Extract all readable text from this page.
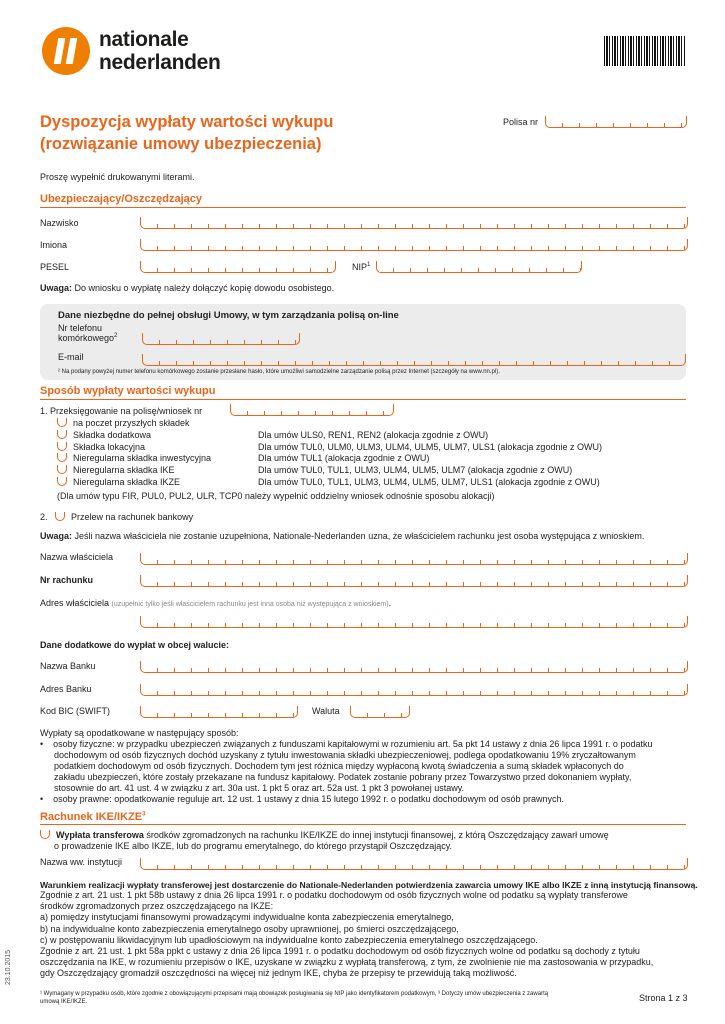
nationale
nederlanden
Dyspozycja wypłaty wartości wykupu
(rozwiązanie umowy ubezpieczenia)
Polisa nr
Proszę wypełnić drukowanymi literami.
Ubezpieczający/Oszczędzający
Nazwisko
Imiona
PESEL	NIP$^1$
Uwaga: Do wniosku o wypłatę należy dołączyć kopię dowodu osobistego.
Dane niezbędne do pełnej obsługi Umowy, w tym zarządzania polisą on-line
Nr telefonu
komórkowego$^2$
E-mail
² Na podany powyżej numer telefonu komórkowego zostanie przesłane hasło, które umożliwi samodzielne zarządzanie polisą przez Internet (szczegóły na www.nn.pl).
Sposób wypłaty wartości wykupu
1. Przeksięgowanie na polisę/wniosek nr
na poczet przyszłych składek
Składka dodatkowa	Dla umów ULS0, REN1, REN2 (alokacja zgodnie z OWU)
Składka lokacyjna	Dla umów TUL0, ULM0, ULM3, ULM4, ULM5, ULM7, ULS1 (alokacja zgodnie z OWU)
Nieregularna składka inwestycyjna	Dla umów TUL1 (alokacja zgodnie z OWU)
Nieregularna składka IKE	Dla umów TUL0, TUL1, ULM3, ULM4, ULM5, ULM7 (alokacja zgodnie z OWU)
Nieregularna składka IKZE	Dla umów TUL0, TUL1, ULM3, ULM4, ULM5, ULM7, ULS1 (alokacja zgodnie z OWU)
(Dla umów typu FIR, PUL0, PUL2, ULR, TCP0 należy wypełnić oddzielny wniosek odnośnie sposobu alokacji)
2.	Przelew na rachunek bankowy
Uwaga: Jeśli nazwa właściciela nie zostanie uzupełniona, Nationale-Nederlanden uzna, że właścicielem rachunku jest osoba występująca z wnioskiem.
Nazwa właściciela
Nr rachunku
Adres właściciela (uzupełnić tylko jeśli właścicielem rachunku jest inna osoba niż występująca z wnioskiem).
Dane dodatkowe do wypłat w obcej walucie:
Nazwa Banku
Adres Banku
Kod BIC (SWIFT)	Waluta
Wypłaty są opodatkowane w następujący sposób:
•    osoby fizyczne: w przypadku ubezpieczeń związanych z funduszami kapitałowymi w rozumieniu art. 5a pkt 14 ustawy z dnia 26 lipca 1991 r. o podatku
dochodowym od osób fizycznych dochód uzyskany z tytułu inwestowania składki ubezpieczeniowej, podlega opodatkowaniu 19% zryczałtowanym
podatkiem dochodowym od osób fizycznych. Dochodem tym jest różnica między wypłaconą kwotą świadczenia a sumą składek wpłaconych do
zakładu ubezpieczeń, które zostały przekazane na fundusz kapitałowy. Podatek zostanie pobrany przez Towarzystwo przed dokonaniem wypłaty,
stosownie do art. 41 ust. 4 w związku z art. 30a ust. 1 pkt 5 oraz art. 52a ust. 1 pkt 3 powołanej ustawy.
•    osoby prawne: opodatkowanie reguluje art. 12 ust. 1 ustawy z dnia 15 lutego 1992 r. o podatku dochodowym od osób prawnych.
Rachunek IKE/IKZE$^3$
Wypłata transferowa środków zgromadzonych na rachunku IKE/IKZE do innej instytucji finansowej, z którą Oszczędzający zawarł umowę
o prowadzenie IKE albo IKZE, lub do programu emerytalnego, do którego przystąpił Oszczędzający.
Nazwa ww. instytucji
Warunkiem realizacji wypłaty transferowej jest dostarczenie do Nationale-Nederlanden potwierdzenia zawarcia umowy IKE albo IKZE z inną instytucją finansową.
Zgodnie z art. 21 ust. 1 pkt 58b ustawy z dnia 26 lipca 1991 r. o podatku dochodowym od osób fizycznych wolne od podatku są wypłaty transferowe
środków zgromadzonych przez oszczędzającego na IKZE:
a) pomiędzy instytucjami finansowymi prowadzącymi indywidualne konta zabezpieczenia emerytalnego,
b) na indywidualne konto zabezpieczenia emerytalnego osoby uprawnionej, po śmierci oszczędzającego,
c) w postępowaniu likwidacyjnym lub upadłościowym na indywidualne konto zabezpieczenia emerytalnego oszczędzającego.
Zgodnie z art. 21 ust. 1 pkt 58a ppkt c ustawy z dnia 26 lipca 1991 r. o podatku dochodowym od osób fizycznych wolne od podatku są dochody z tytułu
oszczędzania na IKE, w rozumieniu przepisów o IKE, uzyskane w związku z wypłatą transferową, z tym, że zwolnienie nie ma zastosowania w przypadku,
gdy Oszczędzający gromadził oszczędności na więcej niż jednym IKE, chyba że przepisy te przewidują taką możliwość.
¹ Wymagany w przypadku osób, które zgodnie z obowiązującymi przepisami mają obowiązek posługiwania się NIP jako identyfikatorem podatkowym, ³ Dotyczy umów ubezpieczenia z zawartą
umową IKE/IKZE.	Strona 1 z 3
23.10.2015
